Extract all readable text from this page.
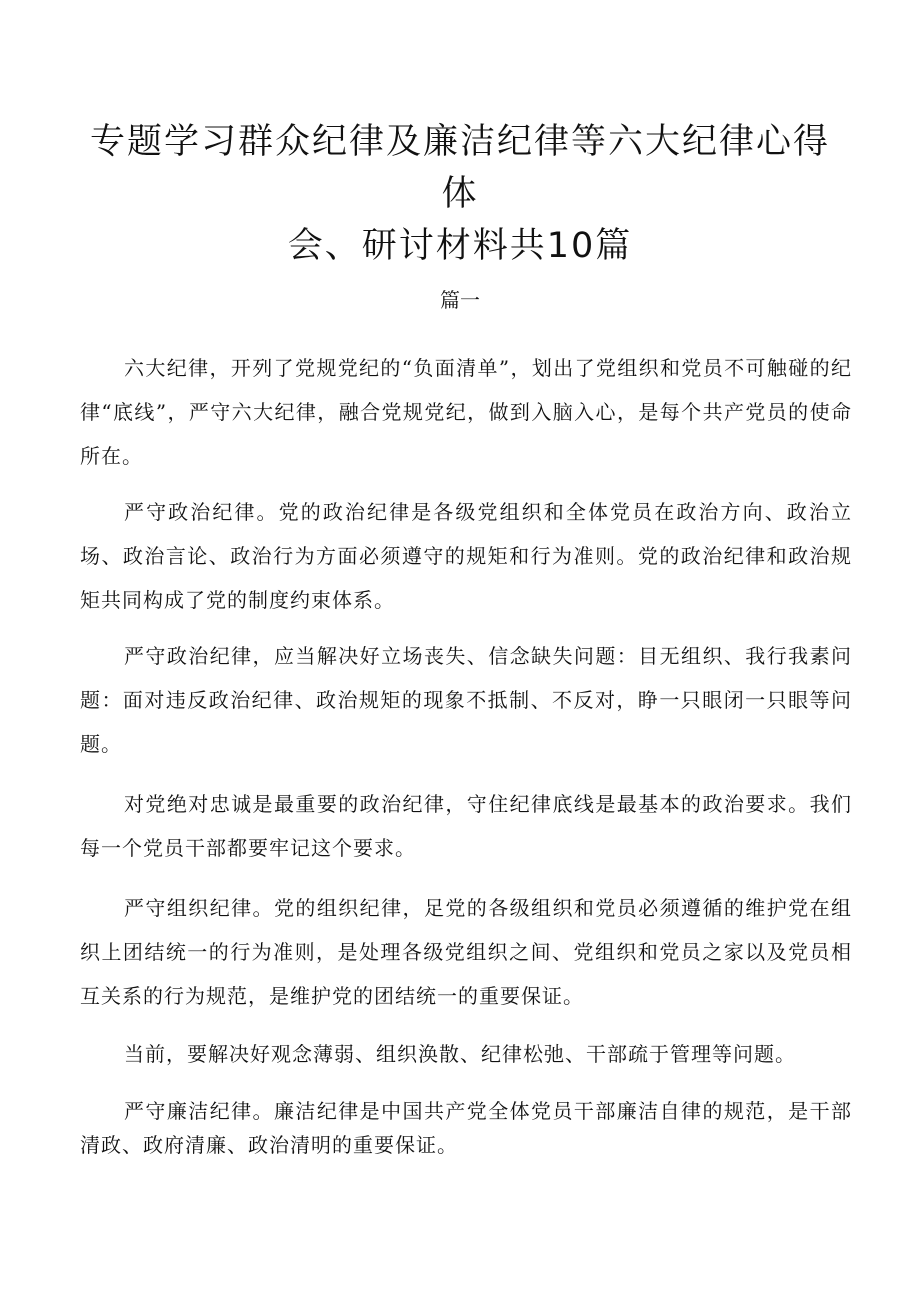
专题学习群众纪律及廉洁纪律等六大纪律心得体
会、研讨材料共10篇
篇一

六大纪律，开列了党规党纪的“负面清单”，划出了党组织和党员不可触碰的纪律“底线”，严守六大纪律，融合党规党纪，做到入脑入心，是每个共产党员的使命所在。

严守政治纪律。党的政治纪律是各级党组织和全体党员在政治方向、政治立场、政治言论、政治行为方面必须遵守的规矩和行为准则。党的政治纪律和政治规矩共同构成了党的制度约束体系。

严守政治纪律，应当解决好立场丧失、信念缺失问题：目无组织、我行我素问题：面对违反政治纪律、政治规矩的现象不抵制、不反对，睁一只眼闭一只眼等问题。

对党绝对忠诚是最重要的政治纪律，守住纪律底线是最基本的政治要求。我们每一个党员干部都要牢记这个要求。

严守组织纪律。党的组织纪律，足党的各级组织和党员必须遵循的维护党在组织上团结统一的行为准则，是处理各级党组织之间、党组织和党员之家以及党员相互关系的行为规范，是维护党的团结统一的重要保证。

当前，要解决好观念薄弱、组织涣散、纪律松弛、干部疏于管理等问题。

严守廉洁纪律。廉洁纪律是中国共产党全体党员干部廉洁自律的规范，是干部清政、政府清廉、政治清明的重要保证。
